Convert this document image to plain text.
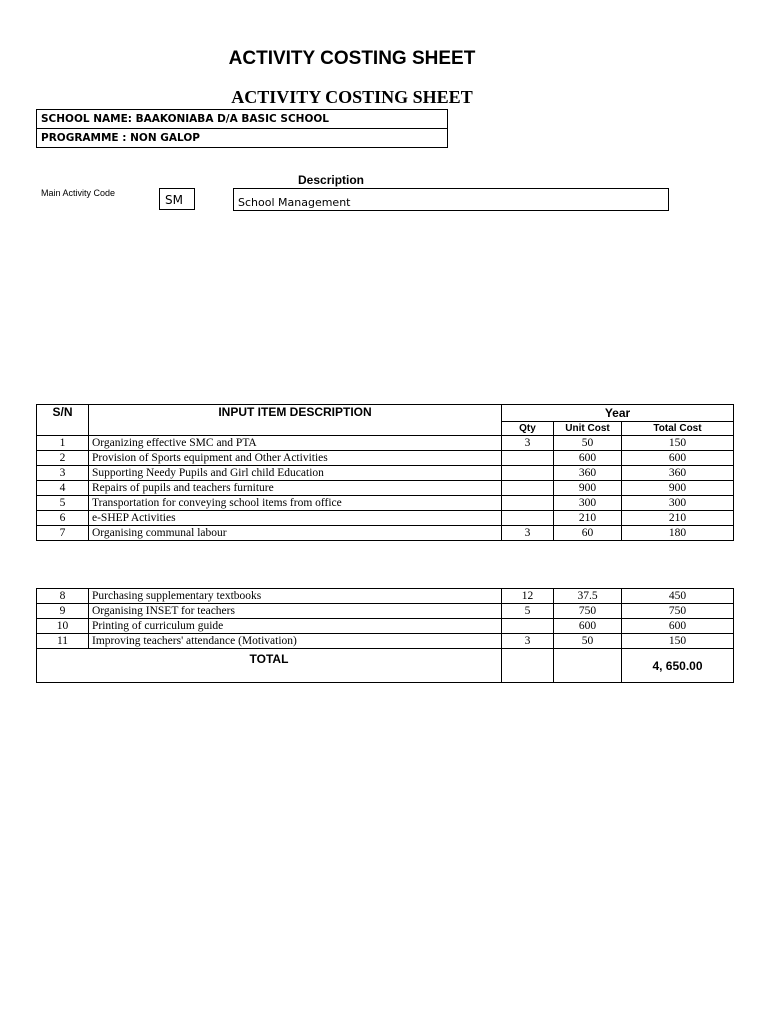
ACTIVITY COSTING SHEET
ACTIVITY COSTING SHEET
SCHOOL NAME: BAAKONIABA D/A BASIC SCHOOL
PROGRAMME : NON GALOP
Description
Main Activity Code	SM	School Management
S/N	INPUT ITEM DESCRIPTION	Year		
		Qty	Unit Cost	Total Cost
1	Organizing effective SMC and PTA	3	50	150
2	Provision of Sports equipment and Other Activities		600	600
3	Supporting Needy Pupils and Girl child Education		360	360
4	Repairs of pupils and teachers furniture		900	900
5	Transportation for conveying school items from office		300	300
6	e-SHEP Activities		210	210
7	Organising communal labour	3	60	180
8	Purchasing supplementary textbooks	12	37.5	450
9	Organising INSET for teachers	5	750	750
10	Printing of curriculum guide		600	600
11	Improving teachers' attendance (Motivation)	3	50	150
TOTAL				4, 650.00
